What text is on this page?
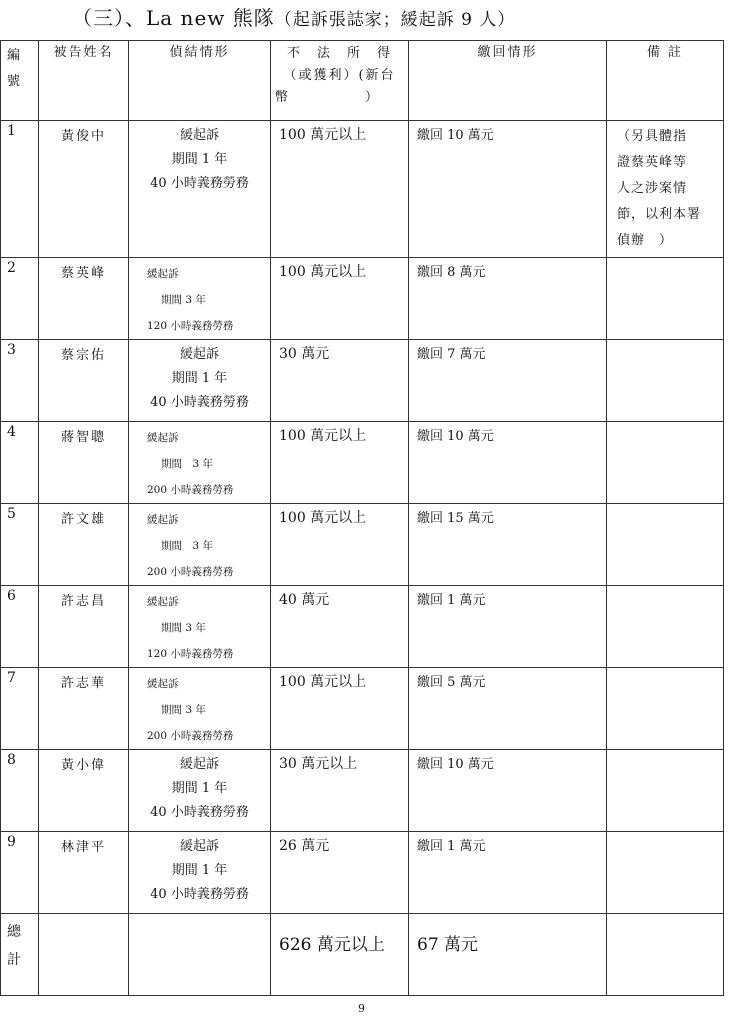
（三）、La new 熊隊（起訴張誌家；緩起訴 9 人）
編
號	被告姓名	偵結情形	不　法　所　得
（或獲利）(新台
幣　　　　　）	繳回情形	備 註
1	黃俊中	緩起訴
期間 1 年
40 小時義務勞務	100 萬元以上	繳回 10 萬元	（另具體指
證蔡英峰等
人之涉案情
節，以利本署
偵辦　）

2	蔡英峰	緩起訴
期間 3 年
120 小時義務勞務	100 萬元以上	繳回 8 萬元	
3	蔡宗佑	緩起訴
期間 1 年
40 小時義務勞務	30 萬元	繳回 7 萬元	
4	蔣智聰	緩起訴
期間　3 年
200 小時義務勞務	100 萬元以上	繳回 10 萬元	
5	許文雄	緩起訴
期間　3 年
200 小時義務勞務	100 萬元以上	繳回 15 萬元	
6	許志昌	緩起訴
期間 3 年
120 小時義務勞務	40 萬元	繳回 1 萬元	
7	許志華	緩起訴
期間 3 年
200 小時義務勞務	100 萬元以上	繳回 5 萬元	
8	黃小偉	緩起訴
期間 1 年
40 小時義務勞務	30 萬元以上	繳回 10 萬元	
9	林津平	緩起訴
期間 1 年
40 小時義務勞務	26 萬元	繳回 1 萬元	

總
計			626 萬元以上	67 萬元	
9
